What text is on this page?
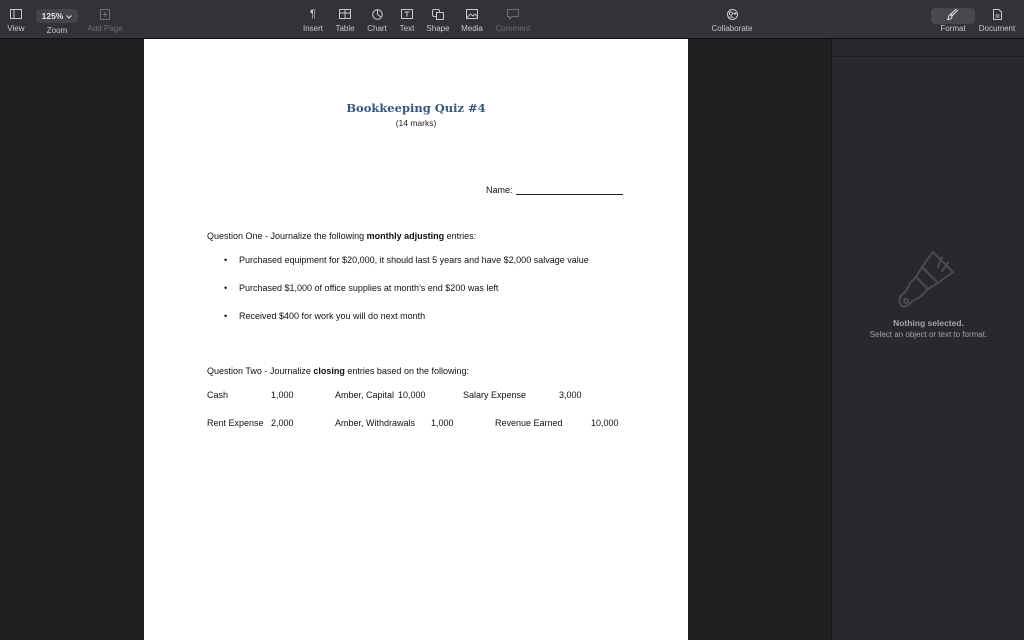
View
125%
Zoom	Add Page
¶
Insert Table Chart Text Shape Media Comment	Collaborate	Format Document
Bookkeeping Quiz #4
(14 marks)
Name:
Question One - Journalize the following monthly adjusting entries:
• Purchased equipment for $20,000, it should last 5 years and have $2,000 salvage value
• Purchased $1,000 of office supplies at month’s end $200 was left
• Received $400 for work you will do next month
Question Two - Journalize closing entries based on the following:
Cash	1,000	Amber, Capital 10,000	Salary Expense	3,000
Rent Expense 2,000	Amber, Withdrawals 1,000	Revenue Earned	10,000
Nothing selected.
Select an object or text to format.
